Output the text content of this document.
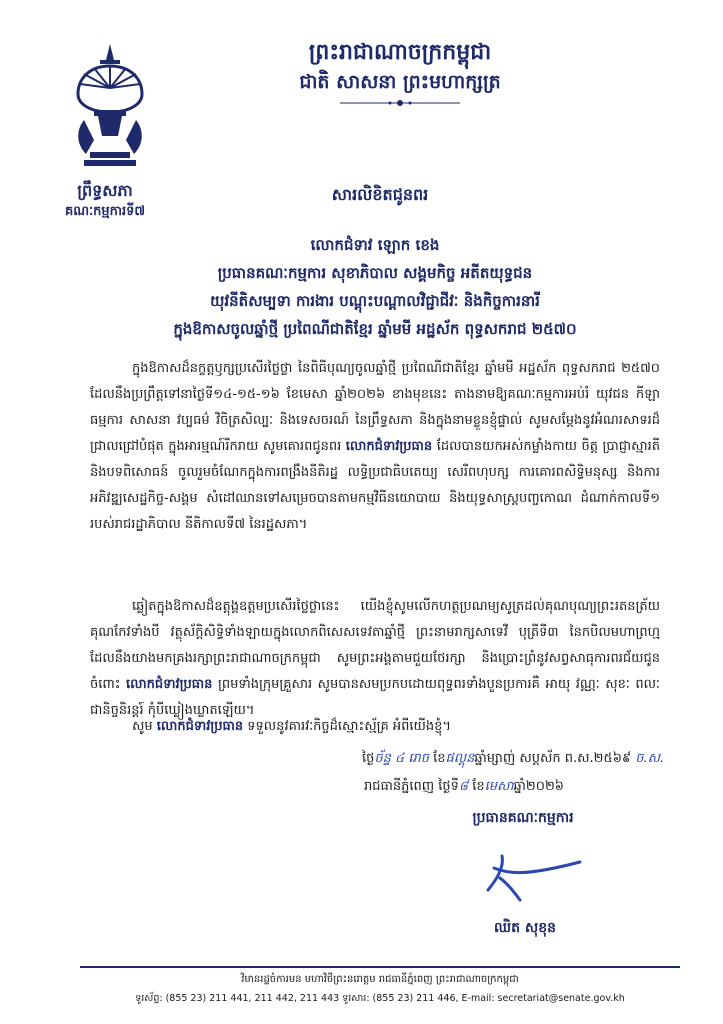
ព្រះរាជាណាចក្រកម្ពុជា
ជាតិ សាសនា ព្រះមហាក្សត្រ
ព្រឹទ្ធសភា
គណៈកម្មការទី៧
សារលិខិតជូនពរ
លោកជំទាវ ឡោក ខេង
ប្រធានគណៈកម្មការ សុខាភិបាល សង្គមកិច្ច អតីតយុទ្ធជន
យុវនីតិសម្បទា ការងារ បណ្តុះបណ្តាលវិជ្ជាជីវៈ និងកិច្ចការនារី
ក្នុងឱកាសចូលឆ្នាំថ្មី ប្រពៃណីជាតិខ្មែរ ឆ្នាំមមី អដ្ឋស័ក ពុទ្ធសករាជ ២៥៧០
ក្នុងឱកាសដ៏នក្ខត្តឫក្សប្រសើរថ្លៃថ្លា នៃពិធីបុណ្យចូលឆ្នាំថ្មី ប្រពៃណីជាតិខ្មែរ ឆ្នាំមមី អដ្ឋស័ក ពុទ្ធសករាជ ២៥៧០ ដែលនឹងប្រព្រឹត្តទៅនាថ្ងៃទី១៤-១៥-១៦ ខែមេសា ឆ្នាំ២០២៦ ខាងមុខនេះ តាងនាមឱ្យគណៈកម្មការអប់រំ យុវជន កីឡា ធម្មការ សាសនា វប្បធម៌ វិចិត្រសិល្បៈ និងទេសចរណ៍ នៃព្រឹទ្ធសភា និងក្នុងនាមខ្លួនខ្ញុំផ្ទាល់ សូមសម្តែងនូវអំណរសាទរដ៏ជ្រាលជ្រៅបំផុត ក្នុងអារម្មណ៍រីករាយ សូមគោរពជូនពរ លោកជំទាវប្រធាន ដែលបានយកអស់កម្លាំងកាយ ចិត្ត ប្រាជ្ញាស្មារតី និងបទពិសោធន៍ ចូលរួមចំណែកក្នុងការពង្រឹងនីតិរដ្ឋ លទ្ធិប្រជាធិបតេយ្យ សេរីពហុបក្ស ការគោរពសិទ្ធិមនុស្ស និងការអភិវឌ្ឍសេដ្ឋកិច្ច-សង្គម សំដៅឈានទៅសម្រេចបានតាមកម្មវិធីនយោបាយ និងយុទ្ធសាស្ត្របញ្ចកោណ ដំណាក់កាលទី១ របស់រាជរដ្ឋាភិបាល នីតិកាលទី៧ នៃរដ្ឋសភា។
ឆ្លៀតក្នុងឱកាសដ៏ឧត្តុង្គឧត្តមប្រសើរថ្លៃថ្លានេះ យើងខ្ញុំសូមលើកហត្ថប្រណម្យសូត្រដល់គុណបុណ្យព្រះរតនត្រ័យគុណកែវទាំងបី វត្ថុស័ក្តិសិទ្ធិទាំងឡាយក្នុងលោកពិសេសទេវតាឆ្នាំថ្មី ព្រះនាមរាក្សសាទេវី បុត្រីទី៣ នៃកបិលមហាព្រហ្ម ដែលនឹងយាងមកគ្រងរក្សាព្រះរាជាណាចក្រកម្ពុជា សូមព្រះអង្គតាមជួយថែរក្សា និងប្រោះព្រំនូវសព្វសាធុការពរជ័យជូនចំពោះ លោកជំទាវប្រធាន ព្រមទាំងក្រុមគ្រួសារ សូមបានសមប្រកបដោយពុទ្ធពរទាំងបួនប្រការគឺ អាយុ វណ្ណៈ សុខៈ ពលៈ ជានិច្ចនិរន្តរ៍ កុំបីឃ្លៀងឃ្លាតឡើយ។
សូម លោកជំទាវប្រធាន ទទួលនូវគារវៈកិច្ចដ៏ស្មោះស្ម័គ្រ អំពីយើងខ្ញុំ។
ថ្ងៃច័ន្ទ ៤ រោច ខែផល្គុនឆ្នាំម្សាញ់ សប្តស័ក ព.ស.២៥៦៩ ច.ស.
រាជធានីភ្នំពេញ ថ្ងៃទី៨ ខែមេសាឆ្នាំ២០២៦
ប្រធានគណៈកម្មការ
ឈិត សុខុន
វិមានរដ្ឋចំការមន មហាវិថីព្រះនរោត្តម រាជធានីភ្នំពេញ ព្រះរាជាណាចក្រកម្ពុជា
ទូរស័ព្ទ: (855 23) 211 441, 211 442, 211 443 ទូរសារ: (855 23) 211 446, E-mail: secretariat@senate.gov.kh
